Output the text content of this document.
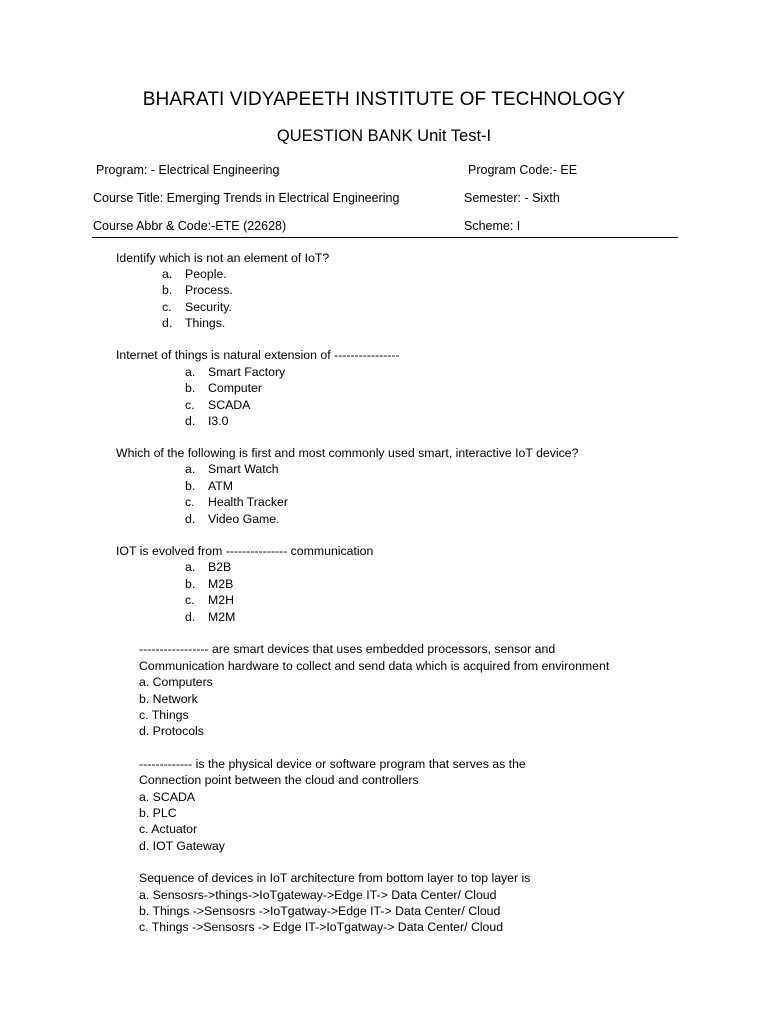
BHARATI VIDYAPEETH INSTITUTE OF TECHNOLOGY
QUESTION BANK Unit Test-I
Program: - Electrical Engineering	Program Code:- EE
Course Title: Emerging Trends in Electrical Engineering	Semester: - Sixth
Course Abbr & Code:-ETE (22628)	Scheme: I
Identify which is not an element of IoT?
a. People.
b. Process.
c. Security.
d. Things.
Internet of things is natural extension of ----------------
a. Smart Factory
b. Computer
c. SCADA
d. I3.0
Which of the following is first and most commonly used smart, interactive IoT device?
a. Smart Watch
b. ATM
c. Health Tracker
d. Video Game.
IOT is evolved from --------------- communication
a. B2B
b. M2B
c. M2H
d. M2M
----------------- are smart devices that uses embedded processors, sensor and
Communication hardware to collect and send data which is acquired from environment
a. Computers
b. Network
c. Things
d. Protocols
------------- is the physical device or software program that serves as the
Connection point between the cloud and controllers
a. SCADA
b. PLC
c. Actuator
d. IOT Gateway
Sequence of devices in IoT architecture from bottom layer to top layer is
a. Sensosrs->things->IoTgateway->Edge IT-> Data Center/ Cloud
b. Things ->Sensosrs ->IoTgatway->Edge IT-> Data Center/ Cloud
c. Things ->Sensosrs -> Edge IT->IoTgatway-> Data Center/ Cloud
